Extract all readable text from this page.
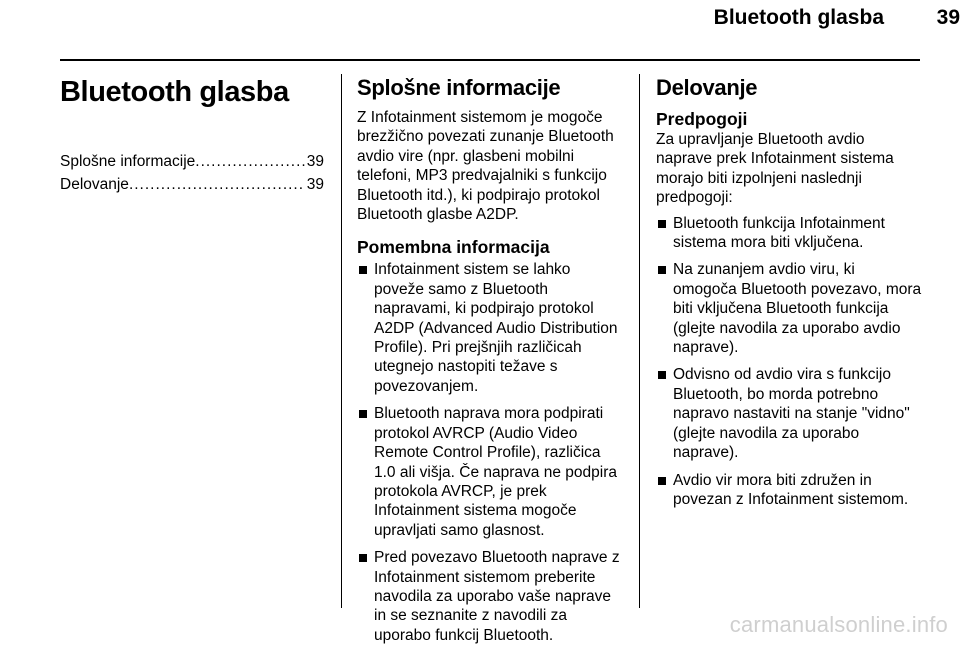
Bluetooth glasba	39
Bluetooth glasba
Splošne informacije .....	39
Delovanje .....	39
Splošne informacije

Z Infotainment sistemom je mogoče brezžično povezati zunanje Bluetooth avdio vire (npr. glasbeni mobilni telefoni, MP3 predvajalniki s funkcijo Bluetooth itd.), ki podpirajo protokol Bluetooth glasbe A2DP.

Pomembna informacija
Infotainment sistem se lahko poveže samo z Bluetooth napravami, ki podpirajo protokol A2DP (Advanced Audio Distribution Profile). Pri prejšnjih različicah utegnejo nastopiti težave s povezovanjem.
Bluetooth naprava mora podpirati protokol AVRCP (Audio Video Remote Control Profile), različica 1.0 ali višja. Če naprava ne podpira protokola AVRCP, je prek Infotainment sistema mogoče upravljati samo glasnost.
Pred povezavo Bluetooth naprave z Infotainment sistemom preberite navodila za uporabo vaše naprave in se seznanite z navodili za uporabo funkcij Bluetooth.
Delovanje
Predpogoji

Za upravljanje Bluetooth avdio naprave prek Infotainment sistema morajo biti izpolnjeni naslednji predpogoji:

Bluetooth funkcija Infotainment sistema mora biti vključena.
Na zunanjem avdio viru, ki omogoča Bluetooth povezavo, mora biti vključena Bluetooth funkcija (glejte navodila za uporabo avdio naprave).
Odvisno od avdio vira s funkcijo Bluetooth, bo morda potrebno napravo nastaviti na stanje "vidno" (glejte navodila za uporabo naprave).
Avdio vir mora biti združen in povezan z Infotainment sistemom.
carmanualsonline.info
